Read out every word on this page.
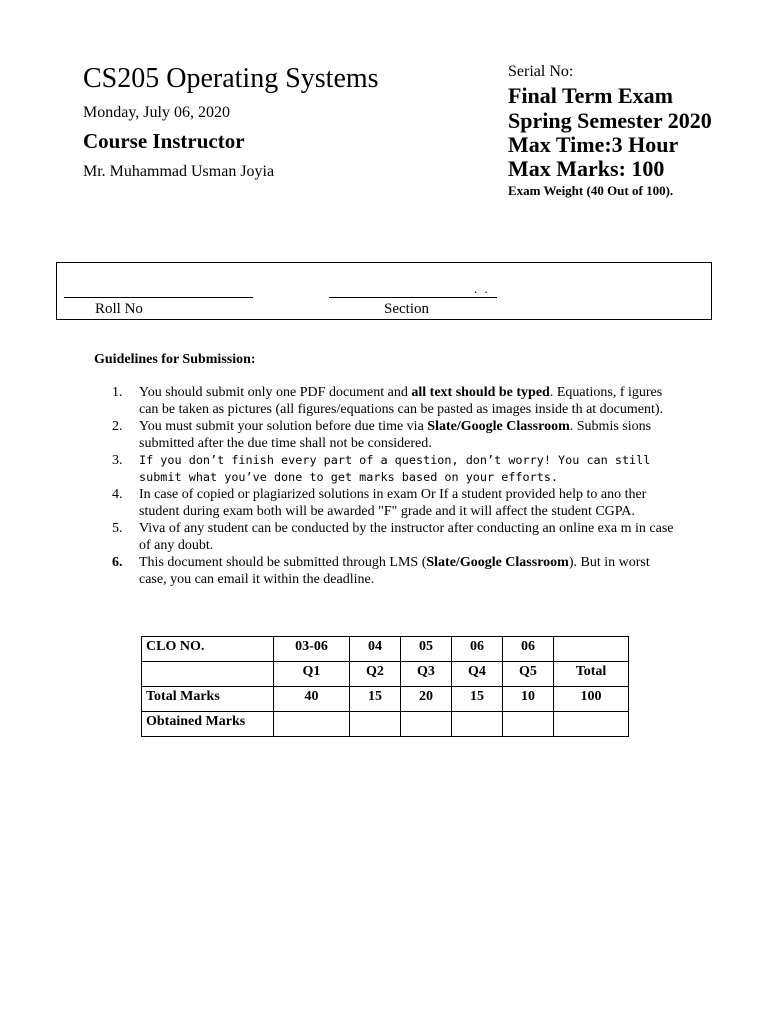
CS205 Operating Systems
Monday, July 06, 2020
Course Instructor
Mr. Muhammad Usman Joyia
Serial No:
Final Term Exam
Spring Semester 2020
Max Time:3 Hour
Max Marks: 100
Exam Weight (40 Out of 100).
. .
Roll No	Section
Guidelines for Submission:
1. You should submit only one PDF document and all text should be typed. Equations, f igures can be taken as pictures (all figures/equations can be pasted as images inside th at document).
2. You must submit your solution before due time via Slate/Google Classroom. Submis sions submitted after the due time shall not be considered.
3. If you don’t finish every part of a question, don’t worry! You can still submit what you’ve done to get marks based on your efforts.
4. In case of copied or plagiarized solutions in exam Or If a student provided help to ano ther student during exam both will be awarded "F" grade and it will affect the student CGPA.
5. Viva of any student can be conducted by the instructor after conducting an online exa m in case of any doubt.
6. This document should be submitted through LMS (Slate/Google Classroom). But in worst case, you can email it within the deadline.
CLO NO.	03-06	04	05	06	06	
	Q1	Q2	Q3	Q4	Q5	Total
Total Marks	40	15	20	15	10	100
Obtained Marks						
